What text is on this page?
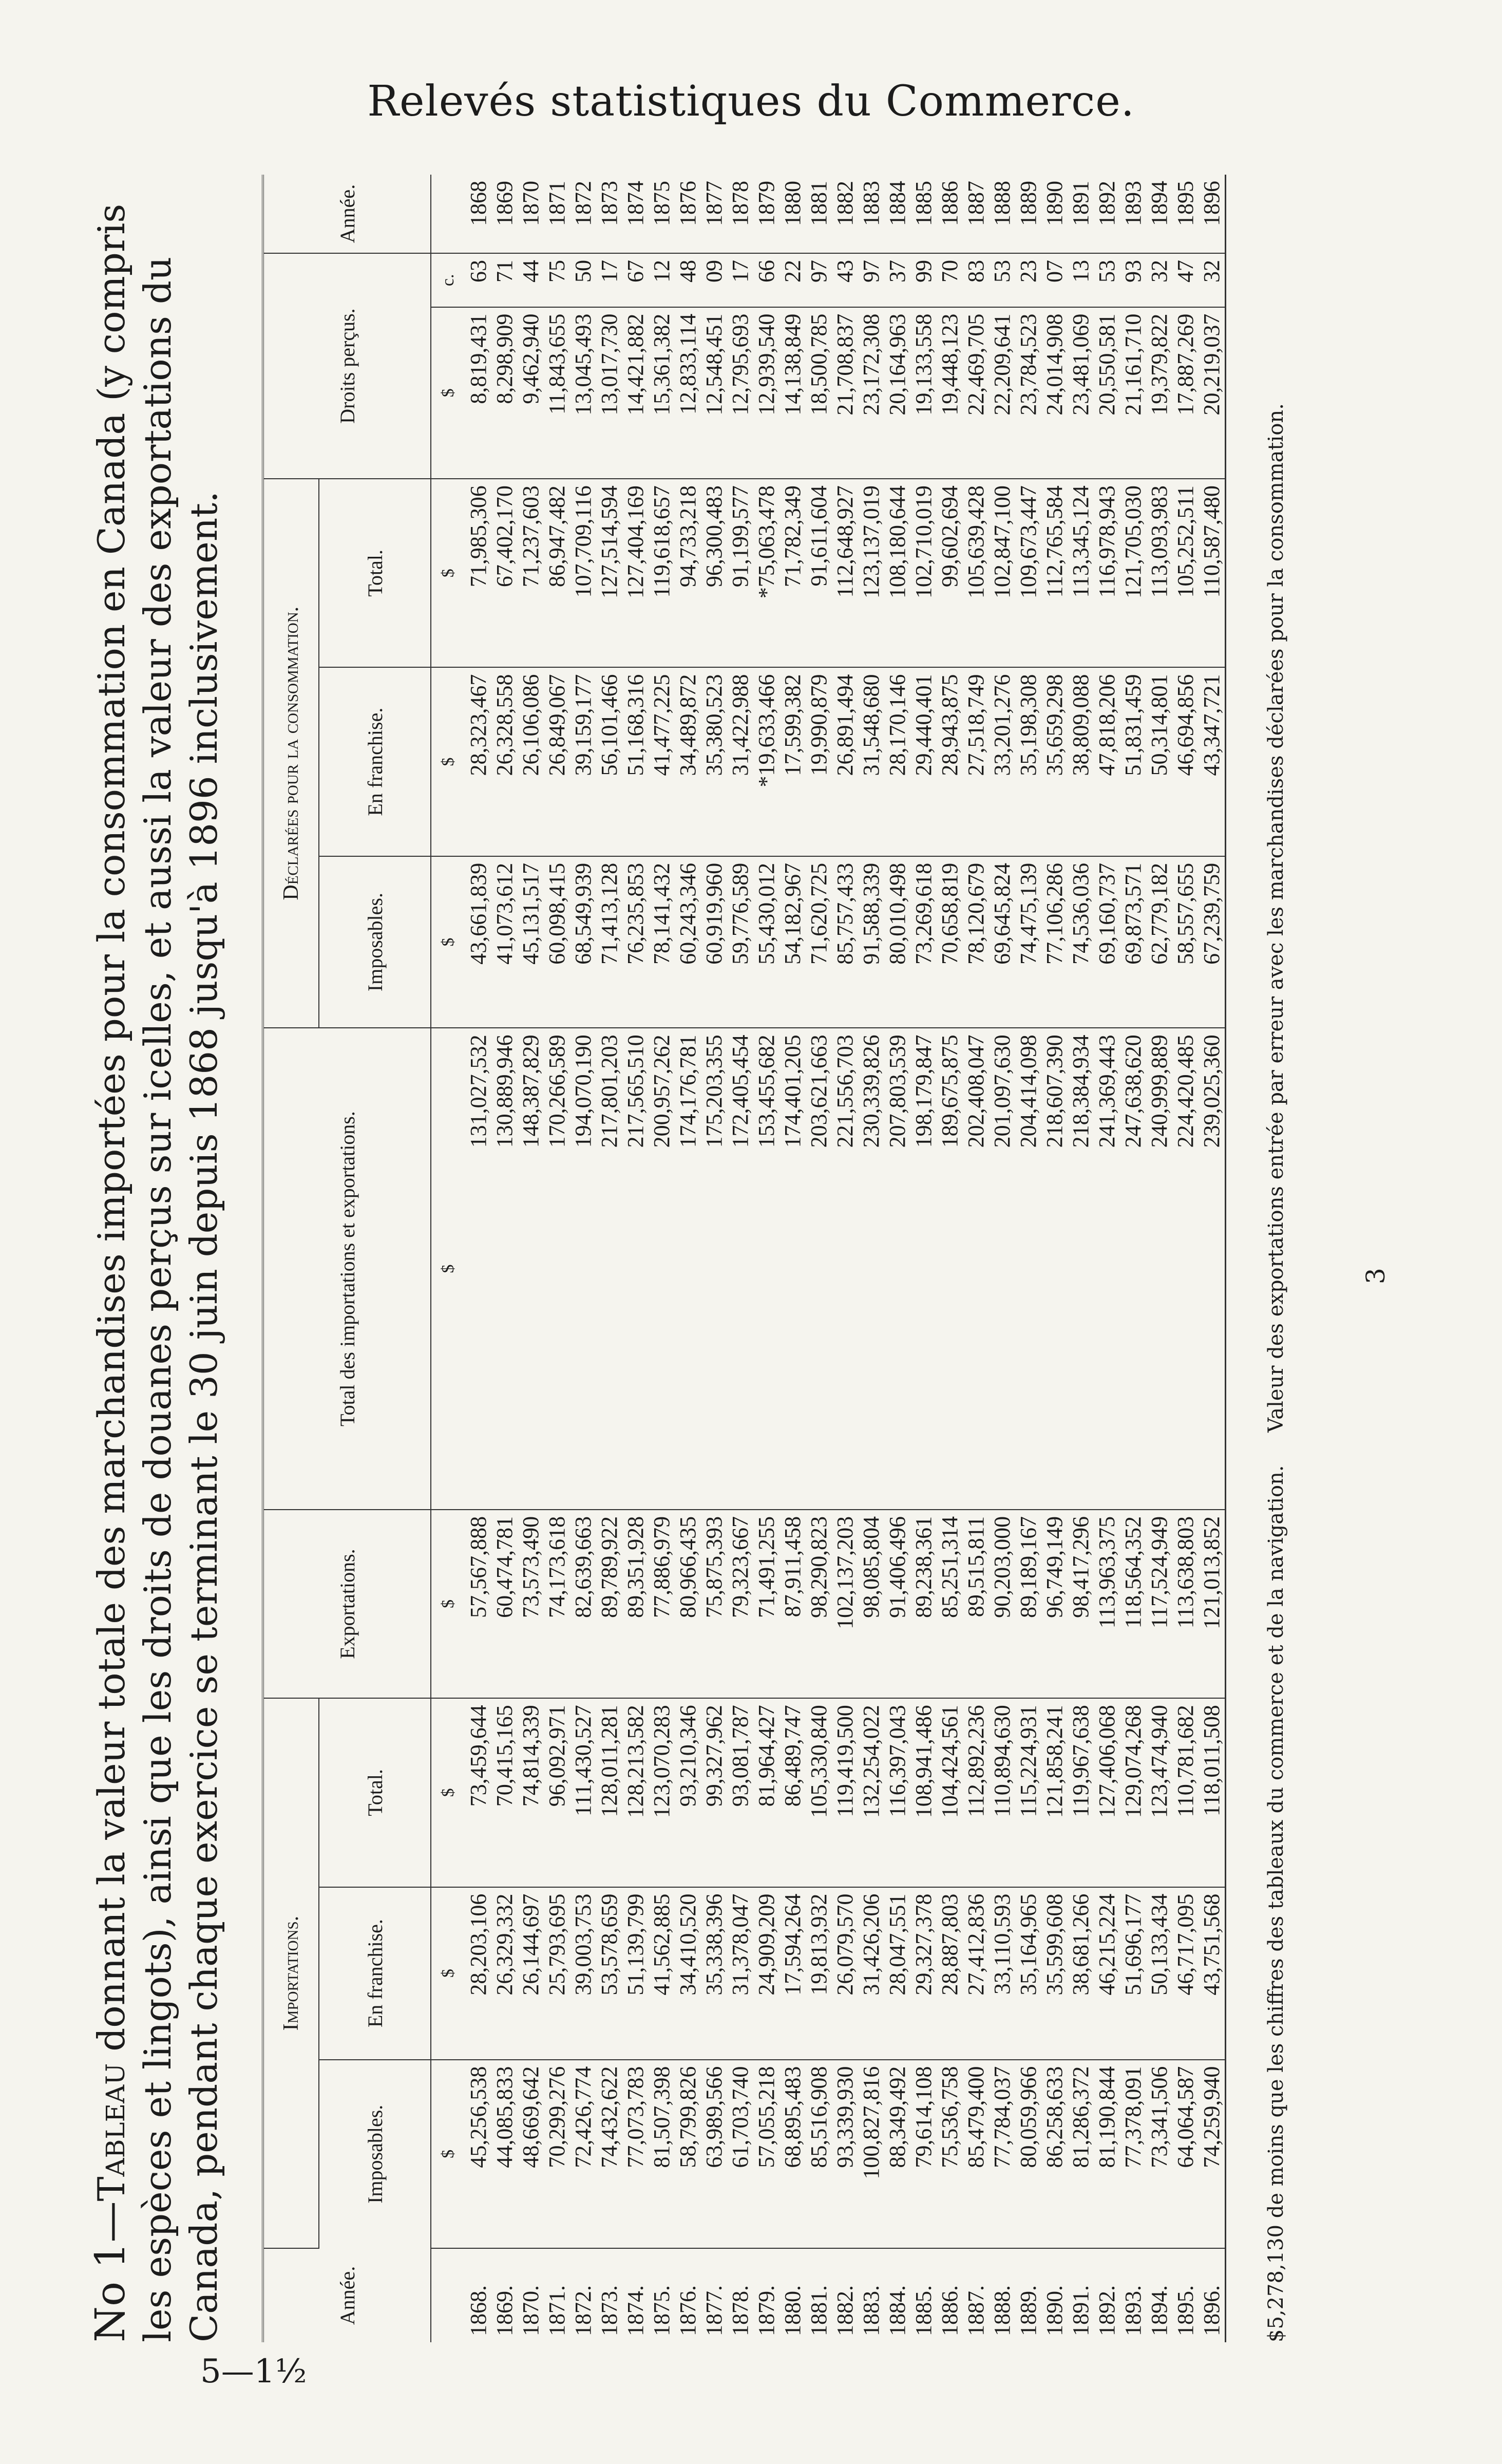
Relevés statistiques du Commerce.
No 1—Tableau donnant la valeur totale des marchandises importées pour la consommation en Canada (y compris les espèces et lingots), ainsi que les droits de douanes perçus sur icelles, et aussi la valeur des exportations du Canada, pendant chaque exercice se terminant le 30 juin depuis 1868 jusqu'à 1896 inclusivement.	Année.	Importations.			Exportations.	Total des importations et exportations.	Déclarées pour la consommation.			Droits perçus.		Année.
	Imposables.	En franchise.	Total.			Imposables.	En franchise.	Total.			
	$	$	$	$	$	$	$	$	$	c.	
1868.	45,256,538	28,203,106	73,459,644	57,567,888	131,027,532	43,661,839	28,323,467	71,985,306	8,819,431	63	1868
1869.	44,085,833	26,329,332	70,415,165	60,474,781	130,889,946	41,073,612	26,328,558	67,402,170	8,298,909	71	1869
1870.	48,669,642	26,144,697	74,814,339	73,573,490	148,387,829	45,131,517	26,106,086	71,237,603	9,462,940	44	1870
1871.	70,299,276	25,793,695	96,092,971	74,173,618	170,266,589	60,098,415	26,849,067	86,947,482	11,843,655	75	1871
1872.	72,426,774	39,003,753	111,430,527	82,639,663	194,070,190	68,549,939	39,159,177	107,709,116	13,045,493	50	1872
1873.	74,432,622	53,578,659	128,011,281	89,789,922	217,801,203	71,413,128	56,101,466	127,514,594	13,017,730	17	1873
1874.	77,073,783	51,139,799	128,213,582	89,351,928	217,565,510	76,235,853	51,168,316	127,404,169	14,421,882	67	1874
1875.	81,507,398	41,562,885	123,070,283	77,886,979	200,957,262	78,141,432	41,477,225	119,618,657	15,361,382	12	1875
1876.	58,799,826	34,410,520	93,210,346	80,966,435	174,176,781	60,243,346	34,489,872	94,733,218	12,833,114	48	1876
1877.	63,989,566	35,338,396	99,327,962	75,875,393	175,203,355	60,919,960	35,380,523	96,300,483	12,548,451	09	1877
1878.	61,703,740	31,378,047	93,081,787	79,323,667	172,405,454	59,776,589	31,422,988	91,199,577	12,795,693	17	1878
1879.	57,055,218	24,909,209	81,964,427	71,491,255	153,455,682	55,430,012	*19,633,466	*75,063,478	12,939,540	66	1879
1880.	68,895,483	17,594,264	86,489,747	87,911,458	174,401,205	54,182,967	17,599,382	71,782,349	14,138,849	22	1880
1881.	85,516,908	19,813,932	105,330,840	98,290,823	203,621,663	71,620,725	19,990,879	91,611,604	18,500,785	97	1881
1882.	93,339,930	26,079,570	119,419,500	102,137,203	221,556,703	85,757,433	26,891,494	112,648,927	21,708,837	43	1882
1883.	100,827,816	31,426,206	132,254,022	98,085,804	230,339,826	91,588,339	31,548,680	123,137,019	23,172,308	97	1883
1884.	88,349,492	28,047,551	116,397,043	91,406,496	207,803,539	80,010,498	28,170,146	108,180,644	20,164,963	37	1884
1885.	79,614,108	29,327,378	108,941,486	89,238,361	198,179,847	73,269,618	29,440,401	102,710,019	19,133,558	99	1885
1886.	75,536,758	28,887,803	104,424,561	85,251,314	189,675,875	70,658,819	28,943,875	99,602,694	19,448,123	70	1886
1887.	85,479,400	27,412,836	112,892,236	89,515,811	202,408,047	78,120,679	27,518,749	105,639,428	22,469,705	83	1887
1888.	77,784,037	33,110,593	110,894,630	90,203,000	201,097,630	69,645,824	33,201,276	102,847,100	22,209,641	53	1888
1889.	80,059,966	35,164,965	115,224,931	89,189,167	204,414,098	74,475,139	35,198,308	109,673,447	23,784,523	23	1889
1890.	86,258,633	35,599,608	121,858,241	96,749,149	218,607,390	77,106,286	35,659,298	112,765,584	24,014,908	07	1890
1891.	81,286,372	38,681,266	119,967,638	98,417,296	218,384,934	74,536,036	38,809,088	113,345,124	23,481,069	13	1891
1892.	81,190,844	46,215,224	127,406,068	113,963,375	241,369,443	69,160,737	47,818,206	116,978,943	20,550,581	53	1892
1893.	77,378,091	51,696,177	129,074,268	118,564,352	247,638,620	69,873,571	51,831,459	121,705,030	21,161,710	93	1893
1894.	73,341,506	50,133,434	123,474,940	117,524,949	240,999,889	62,779,182	50,314,801	113,093,983	19,379,822	32	1894
1895.	64,064,587	46,717,095	110,781,682	113,638,803	224,420,485	58,557,655	46,694,856	105,252,511	17,887,269	47	1895
1896.	74,259,940	43,751,568	118,011,508	121,013,852	239,025,360	67,239,759	43,347,721	110,587,480	20,219,037	32	1896
$5,278,130 de moins que les chiffres des tableaux du commerce et de la navigation.     Valeur des exportations entrée par erreur avec les marchandises déclarées pour la consommation.	3
5—1½
